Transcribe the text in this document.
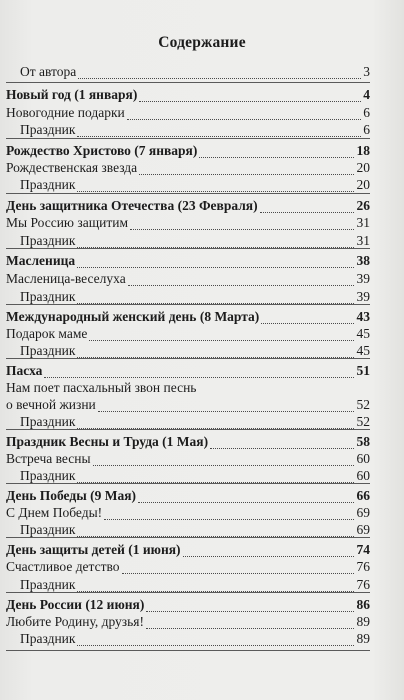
Содержание
От автора	3
Новый год (1 января)	4
Новогодние подарки	6
Праздник	6
Рождество Христово (7 января)	18
Рождественская звезда	20
Праздник	20
День защитника Отечества (23 Февраля)	26
Мы Россию защитим	31
Праздник	31
Масленица	38
Масленица-веселуха	39
Праздник	39
Международный женский день (8 Марта)	43
Подарок маме	45
Праздник	45
Пасха	51
Нам поет пасхальный звон песнь
о вечной жизни	52
Праздник	52
Праздник Весны и Труда (1 Мая)	58
Встреча весны	60
Праздник	60
День Победы (9 Мая)	66
С Днем Победы!	69
Праздник	69
День защиты детей (1 июня)	74
Счастливое детство	76
Праздник	76
День России (12 июня)	86
Любите Родину, друзья!	89
Праздник	89
